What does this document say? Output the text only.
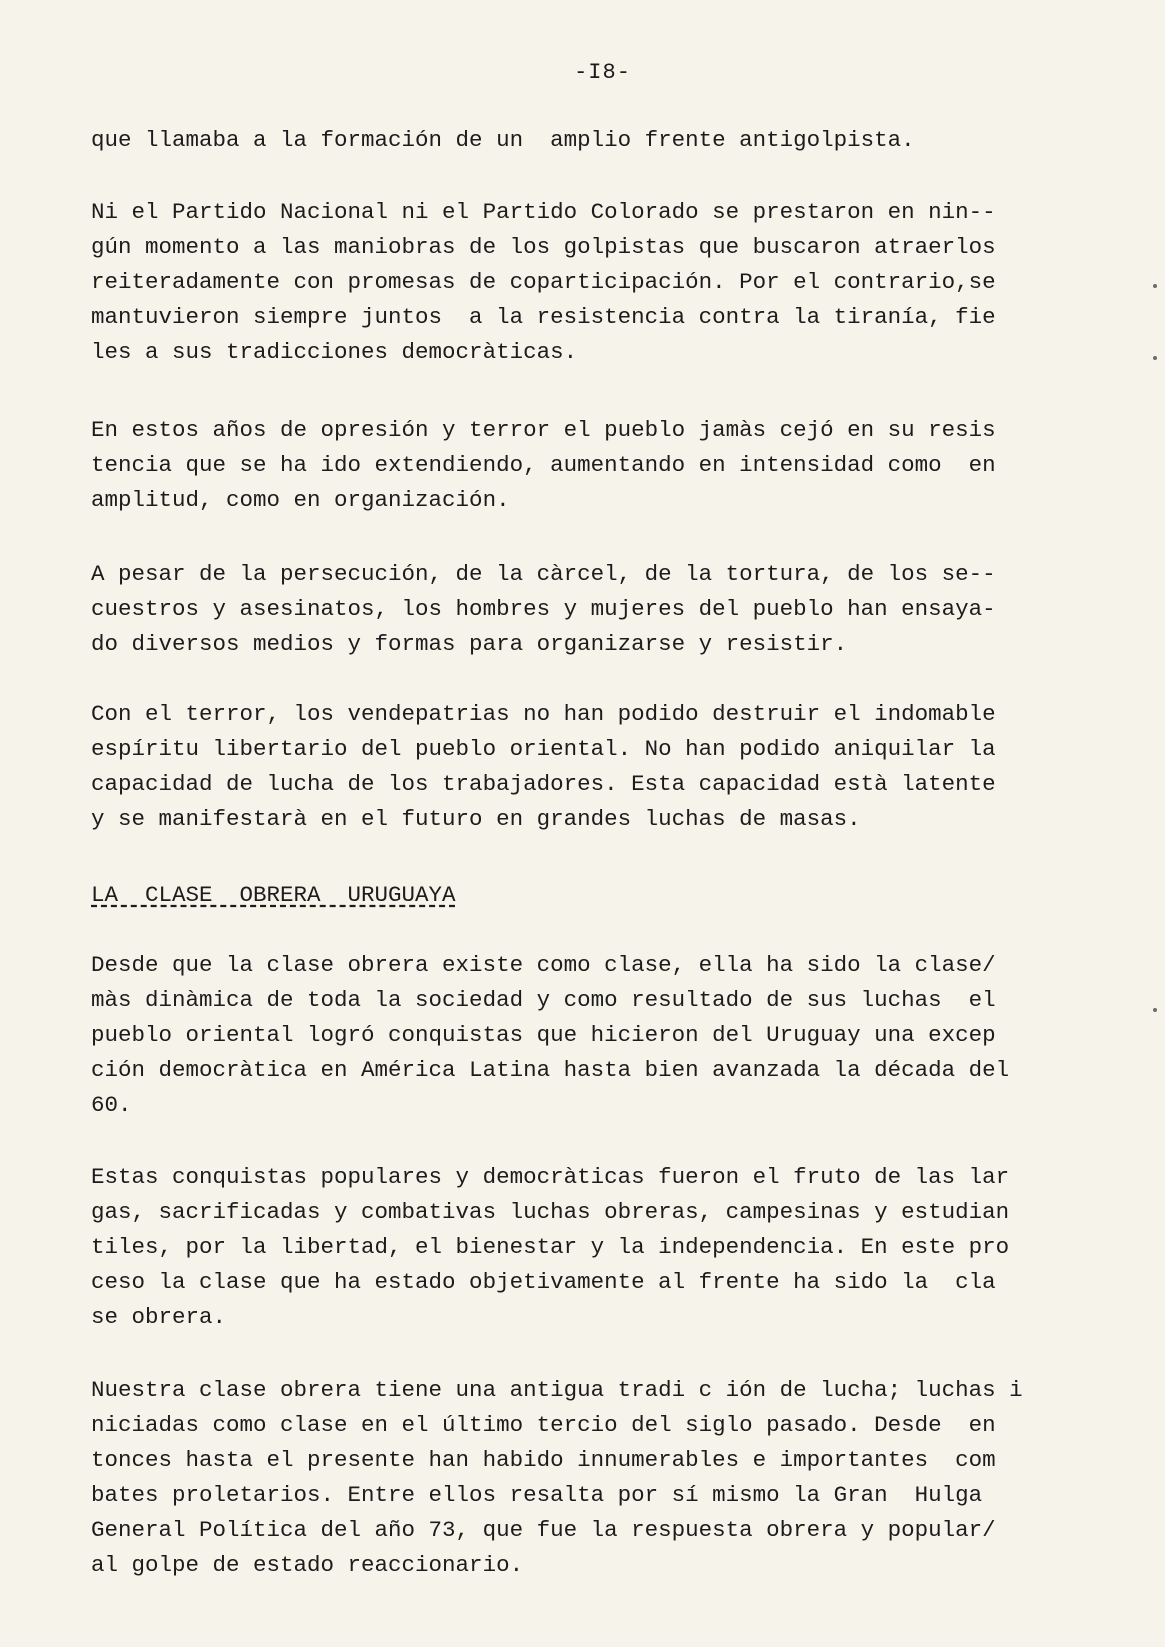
-I8-
que llamaba a la formación de un  amplio frente antigolpista.
Ni el Partido Nacional ni el Partido Colorado se prestaron en nin--
gún momento a las maniobras de los golpistas que buscaron atraerlos
reiteradamente con promesas de coparticipación. Por el contrario,se
mantuvieron siempre juntos  a la resistencia contra la tiranía, fie
les a sus tradicciones democràticas.
En estos años de opresión y terror el pueblo jamàs cejó en su resis
tencia que se ha ido extendiendo, aumentando en intensidad como  en
amplitud, como en organización.
A pesar de la persecución, de la càrcel, de la tortura, de los se--
cuestros y asesinatos, los hombres y mujeres del pueblo han ensaya-
do diversos medios y formas para organizarse y resistir.
Con el terror, los vendepatrias no han podido destruir el indomable
espíritu libertario del pueblo oriental. No han podido aniquilar la
capacidad de lucha de los trabajadores. Esta capacidad està latente
y se manifestarà en el futuro en grandes luchas de masas.
LA  CLASE  OBRERA  URUGUAYA
Desde que la clase obrera existe como clase, ella ha sido la clase/
màs dinàmica de toda la sociedad y como resultado de sus luchas  el
pueblo oriental logró conquistas que hicieron del Uruguay una excep
ción democràtica en América Latina hasta bien avanzada la década del
60.
Estas conquistas populares y democràticas fueron el fruto de las lar
gas, sacrificadas y combativas luchas obreras, campesinas y estudian
tiles, por la libertad, el bienestar y la independencia. En este pro
ceso la clase que ha estado objetivamente al frente ha sido la  cla
se obrera.
Nuestra clase obrera tiene una antigua tradi c ión de lucha; luchas i
niciadas como clase en el último tercio del siglo pasado. Desde  en
tonces hasta el presente han habido innumerables e importantes  com
bates proletarios. Entre ellos resalta por sí mismo la Gran  Hulga
General Política del año 73, que fue la respuesta obrera y popular/
al golpe de estado reaccionario.
